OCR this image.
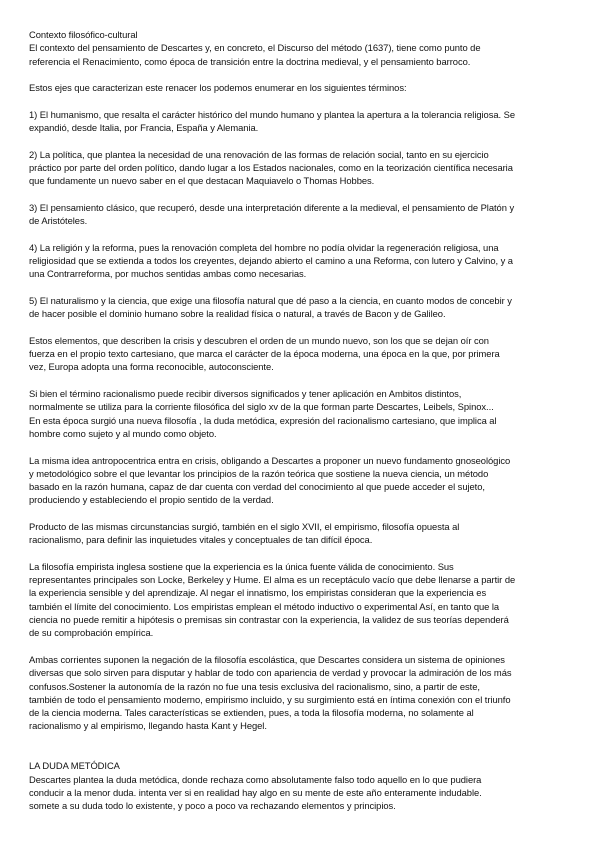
Contexto filosófico-cultural
El contexto del pensamiento de Descartes y, en concreto, el Discurso del método (1637), tiene como punto de
referencia el Renacimiento, como época de transición entre la doctrina medieval, y el pensamiento barroco.
Estos ejes que caracterizan este renacer los podemos enumerar en los siguientes términos:
1) El humanismo, que resalta el carácter histórico del mundo humano y plantea la apertura a la tolerancia religiosa. Se
expandió, desde Italia, por Francia, España y Alemania.
2) La política, que plantea la necesidad de una renovación de las formas de relación social, tanto en su ejercicio
práctico por parte del orden político, dando lugar a los Estados nacionales, como en la teorización científica necesaria
que fundamente un nuevo saber en el que destacan Maquiavelo o Thomas Hobbes.
3) El pensamiento clásico, que recuperó, desde una interpretación diferente a la medieval, el pensamiento de Platón y
de Aristóteles.
4) La religión y la reforma, pues la renovación completa del hombre no podía olvidar la regeneración religiosa, una
religiosidad que se extienda a todos los creyentes, dejando abierto el camino a una Reforma, con lutero y Calvino, y a
una Contrarreforma, por muchos sentidas ambas como necesarias.
5) El naturalismo y la ciencia, que exige una filosofía natural que dé paso a la ciencia, en cuanto modos de concebir y
de hacer posible el dominio humano sobre la realidad física o natural, a través de Bacon y de Galileo.
Estos elementos, que describen la crisis y descubren el orden de un mundo nuevo, son los que se dejan oír con
fuerza en el propio texto cartesiano, que marca el carácter de la época moderna, una época en la que, por primera
vez, Europa adopta una forma reconocible, autoconsciente.
Si bien el término racionalismo puede recibir diversos significados y tener aplicación en Ambitos distintos,
normalmente se utiliza para la corriente filosófica del siglo xv de la que forman parte Descartes, Leibels, Spinox...
En esta época surgió una nueva filosofía , la duda metódica, expresión del racionalismo cartesiano, que implica al
hombre como sujeto y al mundo como objeto.
La misma idea antropocentrica entra en crisis, obligando a Descartes a proponer un nuevo fundamento gnoseológico
y metodológico sobre el que levantar los principios de la razón teórica que sostiene la nueva ciencia, un método
basado en la razón humana, capaz de dar cuenta con verdad del conocimiento al que puede acceder el sujeto,
produciendo y estableciendo el propio sentido de la verdad.
Producto de las mismas circunstancias surgió, también en el siglo XVII, el empirismo, filosofía opuesta al
racionalismo, para definir las inquietudes vitales y conceptuales de tan difícil época.
La filosofía empirista inglesa sostiene que la experiencia es la única fuente válida de conocimiento. Sus
representantes principales son Locke, Berkeley y Hume. El alma es un receptáculo vacío que debe llenarse a partir de
la experiencia sensible y del aprendizaje. Al negar el innatismo, los empiristas consideran que la experiencia es
también el límite del conocimiento. Los empiristas emplean el método inductivo o experimental Así, en tanto que la
ciencia no puede remitir a hipótesis o premisas sin contrastar con la experiencia, la validez de sus teorías dependerá
de su comprobación empírica.
Ambas corrientes suponen la negación de la filosofía escolástica, que Descartes considera un sistema de opiniones
diversas que solo sirven para disputar y hablar de todo con apariencia de verdad y provocar la admiración de los más
confusos.Sostener la autonomía de la razón no fue una tesis exclusiva del racionalismo, sino, a partir de este,
también de todo el pensamiento moderno, empirismo incluido, y su surgimiento está en íntima conexión con el triunfo
de la ciencia moderna. Tales características se extienden, pues, a toda la filosofía moderna, no solamente al
racionalismo y al empirismo, llegando hasta Kant y Hegel.
LA DUDA METÓDICA
Descartes plantea la duda metódica, donde rechaza como absolutamente falso todo aquello en lo que pudiera
conducir a la menor duda. intenta ver si en realidad hay algo en su mente de este año enteramente indudable.
somete a su duda todo lo existente, y poco a poco va rechazando elementos y principios.
